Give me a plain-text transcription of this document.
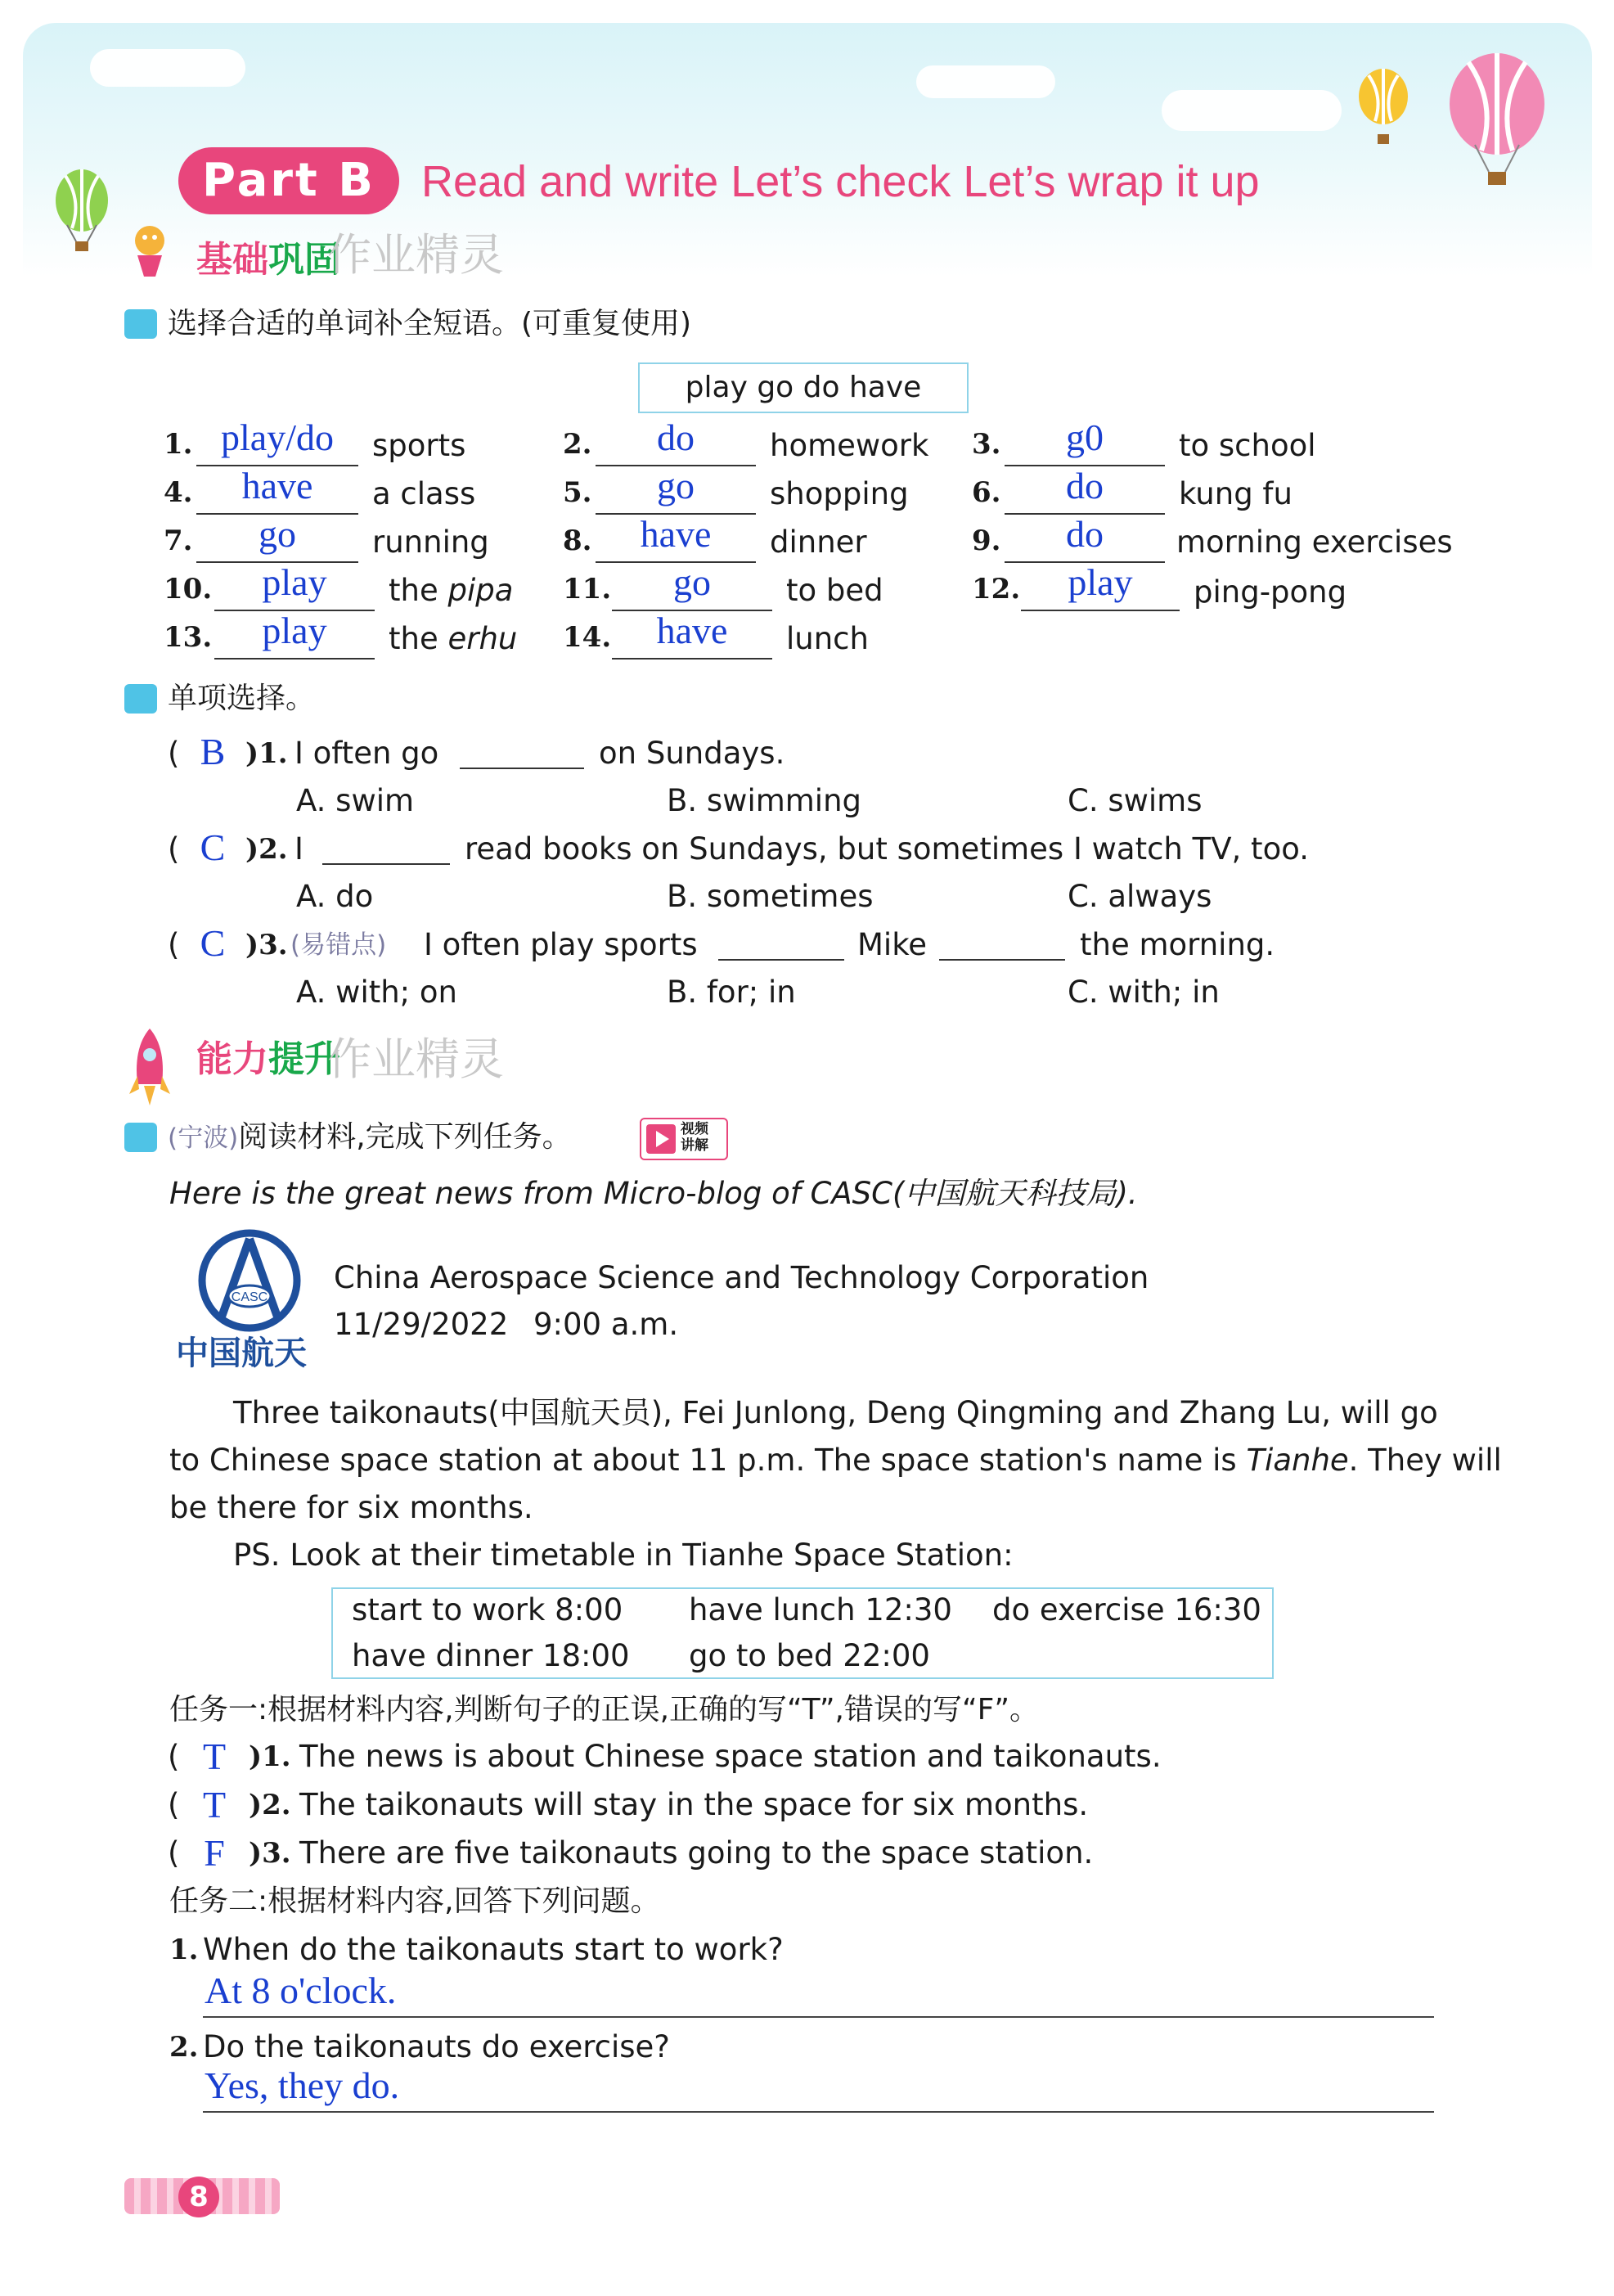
Part B	Read and write Let’s check Let’s wrap it up
基础巩固
作业精灵
选择合适的单词补全短语。(可重复使用)
play go do have
1. play/do	sports	2.	do	homework 3.	g0	to school
4.	have	a class	5.	go	shopping 6.	do	kung fu
7.	go	running	8.	have	dinner	9.	do	morning exercises
10.	play	the pipa 11.	go	to bed	12.	play	ping-pong
13.	play	the erhu 14.	have	lunch
单项选择。
( B )1. I often go	on Sundays.
A. swim	B. swimming	C. swims
( C )2. I	read books on Sundays, but sometimes I watch TV, too.
A. do	B. sometimes	C. always
( C )3. (易错点) I often play sports	Mike	the morning.
A. with; on	B. for; in	C. with; in
能力提升
作业精灵
(宁波)阅读材料,完成下列任务。	视频
讲解
Here is the great news from Micro-blog of CASC(中国航天科技局).
CASC
中国航天
China Aerospace Science and Technology Corporation
11/29/2022 9:00 a.m.
Three taikonauts(中国航天员), Fei Junlong, Deng Qingming and Zhang Lu, will go
to Chinese space station at about 11 p.m. The space station's name is Tianhe. They will
be there for six months.
PS. Look at their timetable in Tianhe Space Station:
start to work 8:00 have lunch 12:30 do exercise 16:30
have dinner 18:00 go to bed 22:00
任务一:根据材料内容,判断句子的正误,正确的写“T”,错误的写“F”。
( T )1. The news is about Chinese space station and taikonauts.
( T )2. The taikonauts will stay in the space for six months.
( F )3. There are five taikonauts going to the space station.
任务二:根据材料内容,回答下列问题。
1. When do the taikonauts start to work?
At 8 o'clock.
2. Do the taikonauts do exercise?
Yes, they do.
8
